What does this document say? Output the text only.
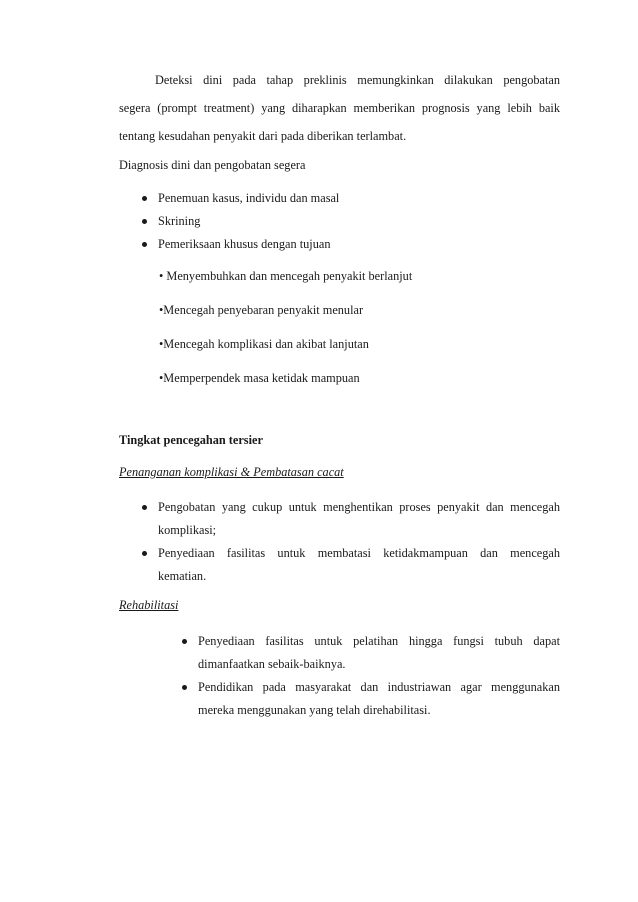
Deteksi dini pada tahap preklinis memungkinkan dilakukan pengobatan
segera (prompt treatment) yang diharapkan memberikan prognosis yang lebih baik
tentang kesudahan penyakit dari pada diberikan terlambat.
Diagnosis dini dan pengobatan segera
Penemuan kasus, individu dan masal
Skrining
Pemeriksaan khusus dengan tujuan
• Menyembuhkan dan mencegah penyakit berlanjut
•Mencegah penyebaran penyakit menular
•Mencegah komplikasi dan akibat lanjutan
•Memperpendek masa ketidak mampuan
Tingkat pencegahan tersier
Penanganan komplikasi & Pembatasan cacat
Pengobatan yang cukup untuk menghentikan proses penyakit dan mencegah
komplikasi;
Penyediaan fasilitas untuk membatasi ketidakmampuan dan mencegah
kematian.
Rehabilitasi
Penyediaan fasilitas untuk pelatihan hingga fungsi tubuh dapat
dimanfaatkan sebaik-baiknya.
Pendidikan pada masyarakat dan industriawan agar menggunakan
mereka menggunakan yang telah direhabilitasi.
